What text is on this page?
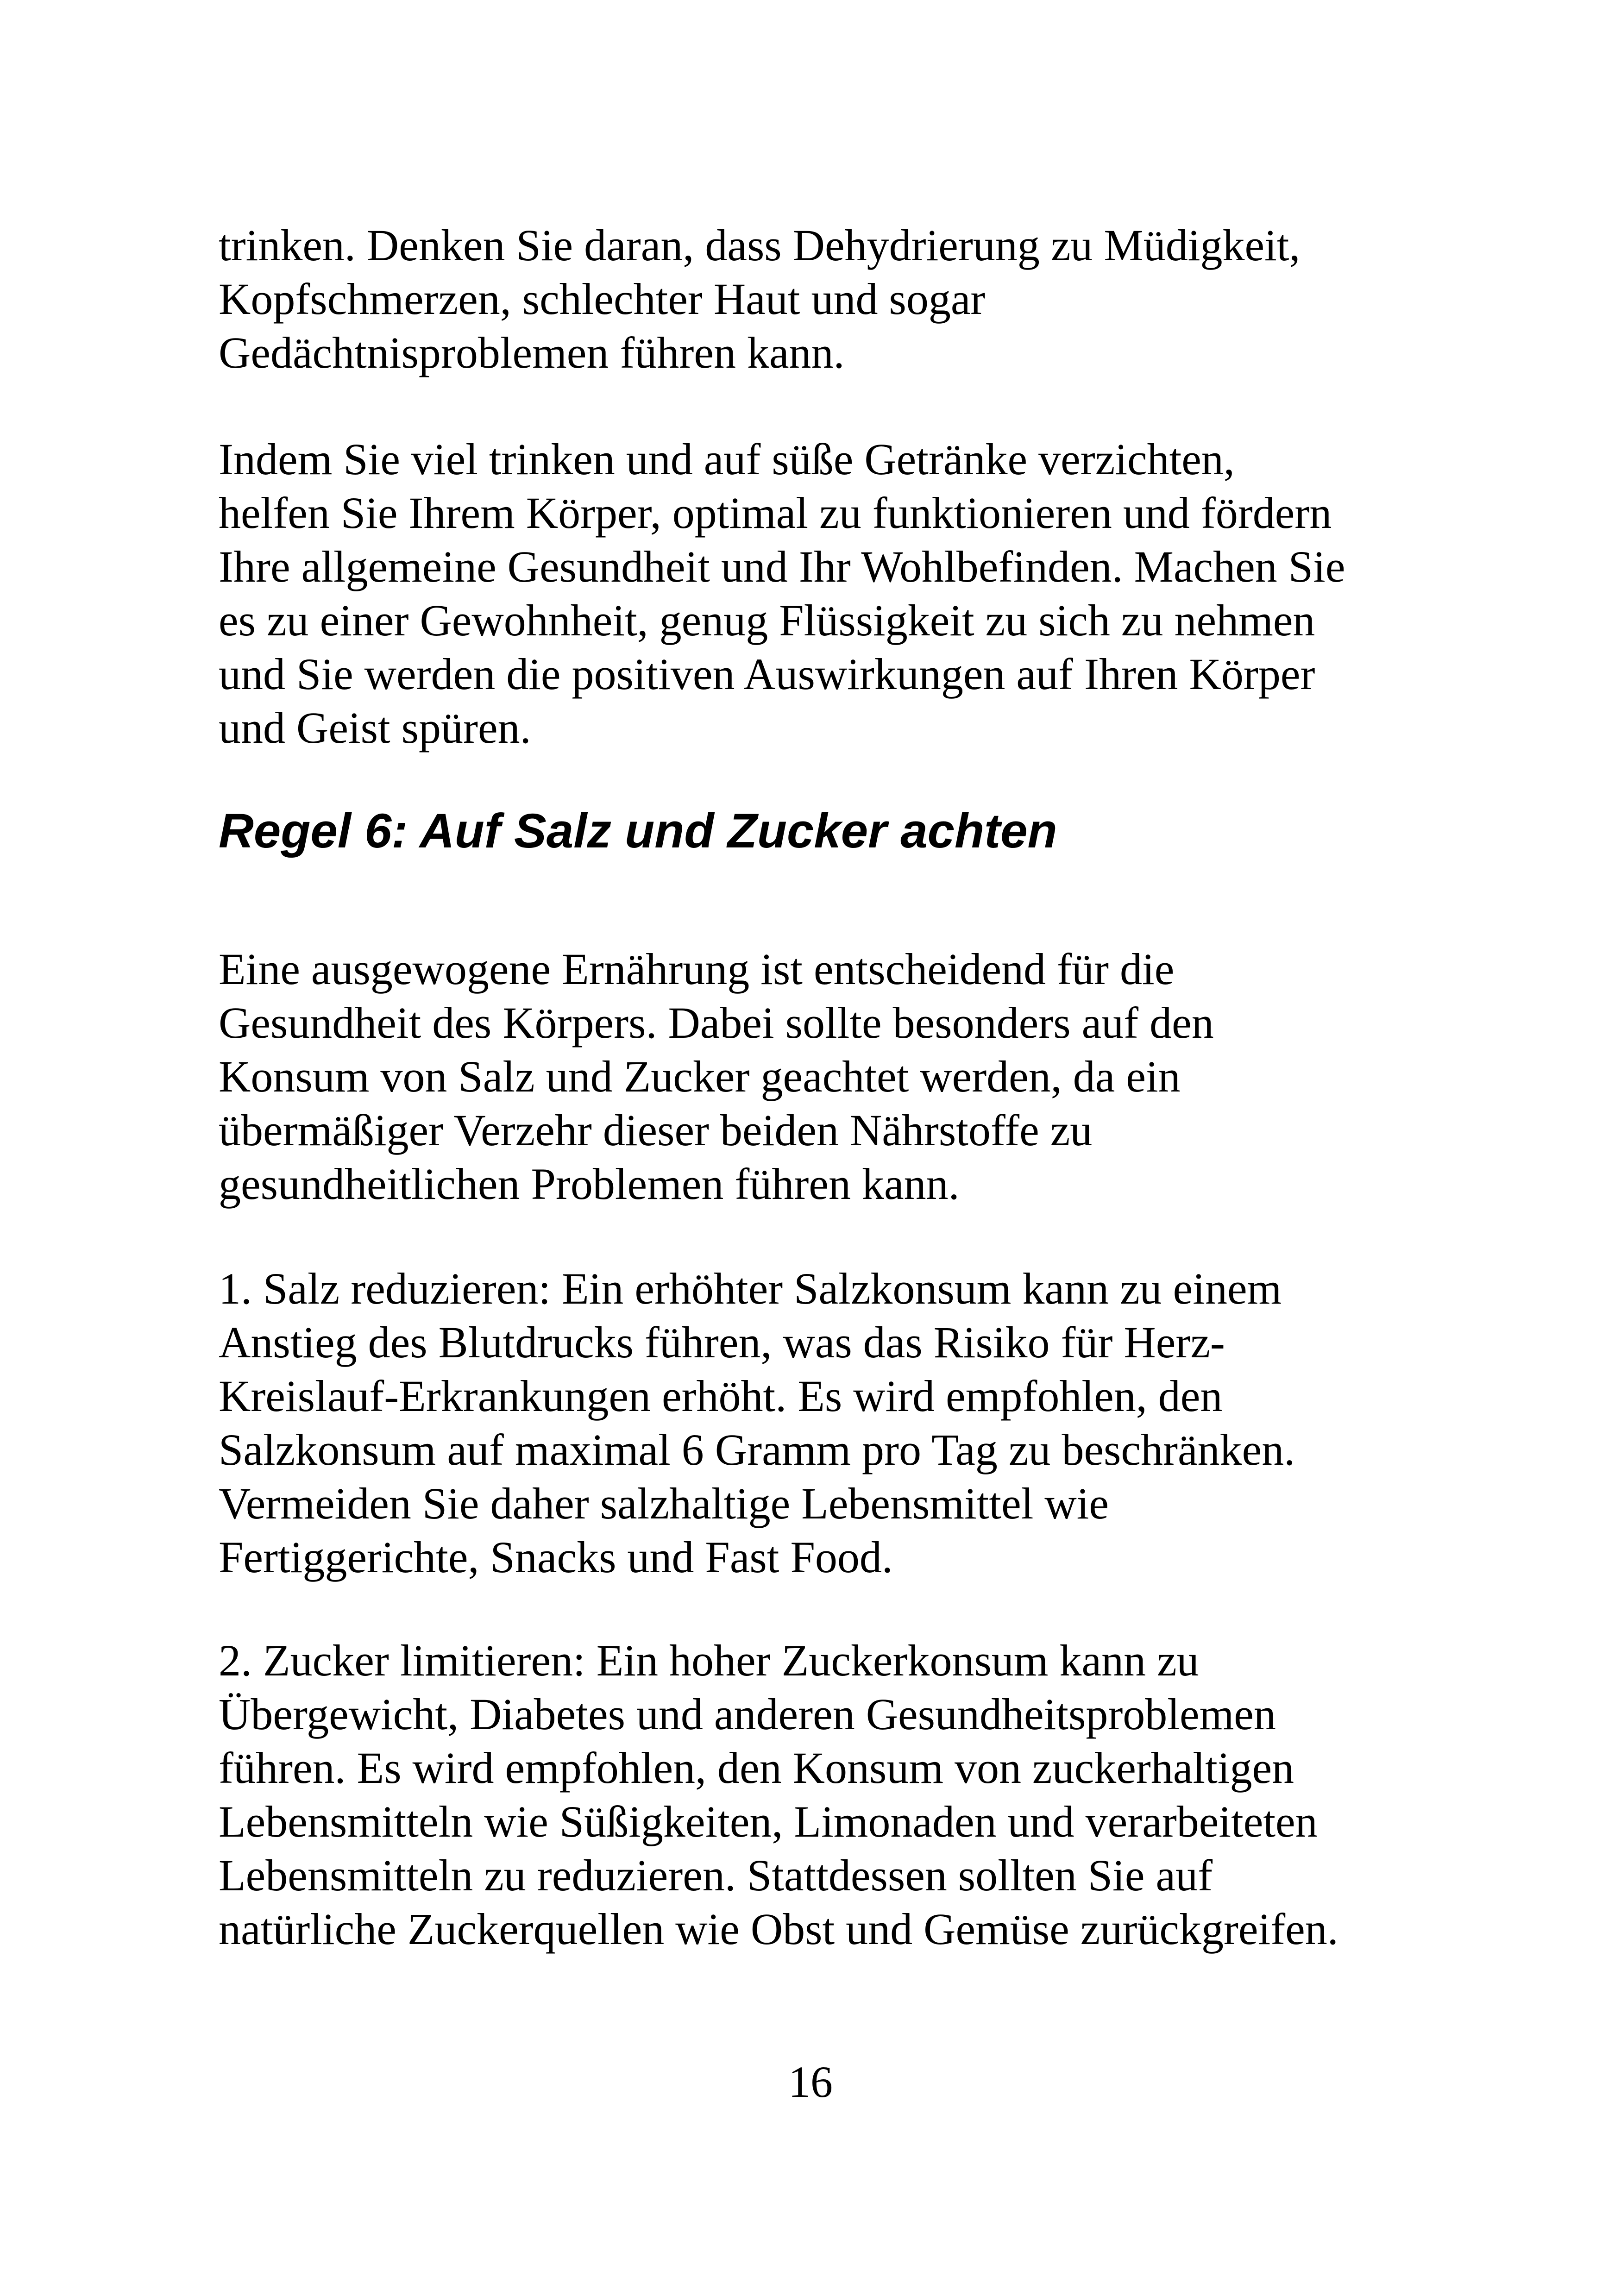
trinken. Denken Sie daran, dass Dehydrierung zu Müdigkeit,
Kopfschmerzen, schlechter Haut und sogar
Gedächtnisproblemen führen kann.
Indem Sie viel trinken und auf süße Getränke verzichten,
helfen Sie Ihrem Körper, optimal zu funktionieren und fördern
Ihre allgemeine Gesundheit und Ihr Wohlbefinden. Machen Sie
es zu einer Gewohnheit, genug Flüssigkeit zu sich zu nehmen
und Sie werden die positiven Auswirkungen auf Ihren Körper
und Geist spüren.
Regel 6: Auf Salz und Zucker achten
Eine ausgewogene Ernährung ist entscheidend für die
Gesundheit des Körpers. Dabei sollte besonders auf den
Konsum von Salz und Zucker geachtet werden, da ein
übermäßiger Verzehr dieser beiden Nährstoffe zu
gesundheitlichen Problemen führen kann.
1. Salz reduzieren: Ein erhöhter Salzkonsum kann zu einem
Anstieg des Blutdrucks führen, was das Risiko für Herz-
Kreislauf-Erkrankungen erhöht. Es wird empfohlen, den
Salzkonsum auf maximal 6 Gramm pro Tag zu beschränken.
Vermeiden Sie daher salzhaltige Lebensmittel wie
Fertiggerichte, Snacks und Fast Food.
2. Zucker limitieren: Ein hoher Zuckerkonsum kann zu
Übergewicht, Diabetes und anderen Gesundheitsproblemen
führen. Es wird empfohlen, den Konsum von zuckerhaltigen
Lebensmitteln wie Süßigkeiten, Limonaden und verarbeiteten
Lebensmitteln zu reduzieren. Stattdessen sollten Sie auf
natürliche Zuckerquellen wie Obst und Gemüse zurückgreifen.
16
